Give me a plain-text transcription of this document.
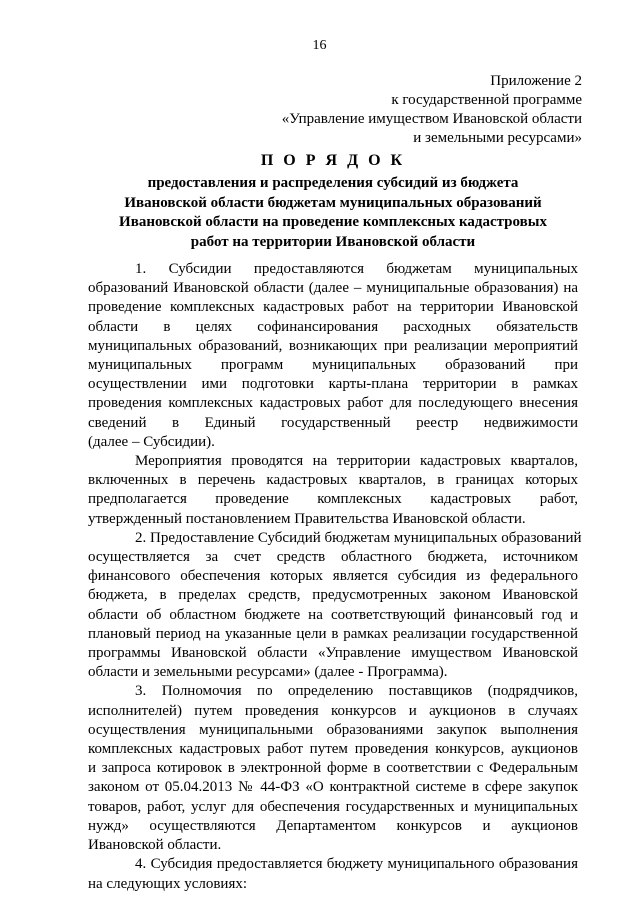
16
Приложение 2
к государственной программе
«Управление имуществом Ивановской области
и земельными ресурсами»
П О Р Я Д О К
предоставления и распределения субсидий из бюджета
Ивановской области бюджетам муниципальных образований
Ивановской области на проведение комплексных кадастровых
работ на территории Ивановской области
1. Субсидии предоставляются бюджетам муниципальных
образований Ивановской области (далее – муниципальные образования) на
проведение комплексных кадастровых работ на территории Ивановской
области в целях софинансирования расходных обязательств
муниципальных образований, возникающих при реализации мероприятий
муниципальных программ муниципальных образований при
осуществлении ими подготовки карты-плана территории в рамках
проведения комплексных кадастровых работ для последующего внесения
сведений в Единый государственный реестр недвижимости
(далее – Субсидии).
Мероприятия проводятся на территории кадастровых кварталов,
включенных в перечень кадастровых кварталов, в границах которых
предполагается проведение комплексных кадастровых работ,
утвержденный постановлением Правительства Ивановской области.
2. Предоставление Субсидий бюджетам муниципальных образований
осуществляется за счет средств областного бюджета, источником
финансового обеспечения которых является субсидия из федерального
бюджета, в пределах средств, предусмотренных законом Ивановской
области об областном бюджете на соответствующий финансовый год и
плановый период на указанные цели в рамках реализации государственной
программы Ивановской области «Управление имуществом Ивановской
области и земельными ресурсами» (далее - Программа).
3. Полномочия по определению поставщиков (подрядчиков,
исполнителей) путем проведения конкурсов и аукционов в случаях
осуществления муниципальными образованиями закупок выполнения
комплексных кадастровых работ путем проведения конкурсов, аукционов
и запроса котировок в электронной форме в соответствии с Федеральным
законом от 05.04.2013 № 44-ФЗ «О контрактной системе в сфере закупок
товаров, работ, услуг для обеспечения государственных и муниципальных
нужд» осуществляются Департаментом конкурсов и аукционов
Ивановской области.
4. Субсидия предоставляется бюджету муниципального образования
на следующих условиях:
